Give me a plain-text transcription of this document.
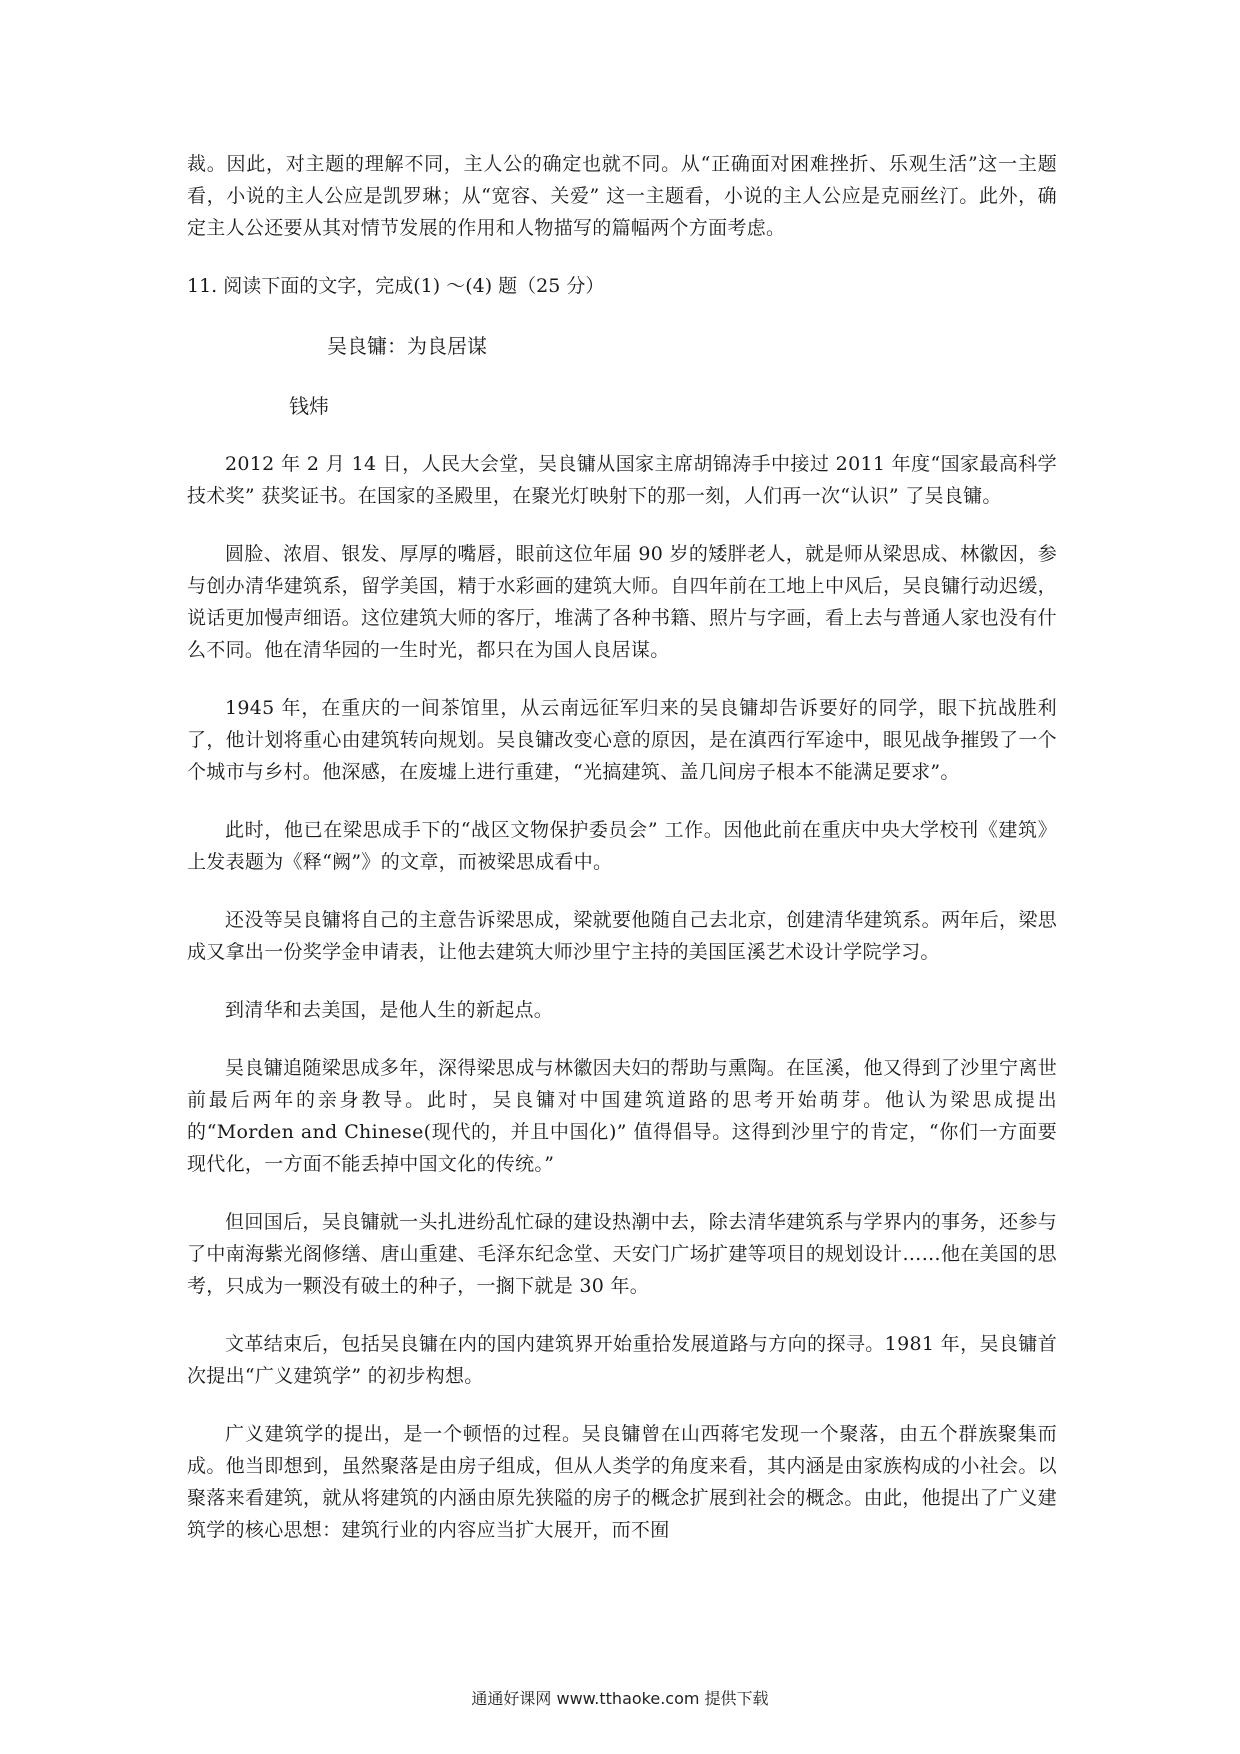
裁。因此，对主题的理解不同，主人公的确定也就不同。从“正确面对困难挫折、乐观生活”这一主题看，小说的主人公应是凯罗琳；从“宽容、关爱” 这一主题看，小说的主人公应是克丽丝汀。此外，确定主人公还要从其对情节发展的作用和人物描写的篇幅两个方面考虑。

11. 阅读下面的文字，完成(1) ～(4) 题（25 分）

吴良镛：为良居谋

钱炜

2012 年 2 月 14 日，人民大会堂，吴良镛从国家主席胡锦涛手中接过 2011 年度“国家最高科学技术奖” 获奖证书。在国家的圣殿里，在聚光灯映射下的那一刻，人们再一次“认识” 了吴良镛。

圆脸、浓眉、银发、厚厚的嘴唇，眼前这位年届 90 岁的矮胖老人，就是师从梁思成、林徽因，参与创办清华建筑系，留学美国，精于水彩画的建筑大师。自四年前在工地上中风后，吴良镛行动迟缓，说话更加慢声细语。这位建筑大师的客厅，堆满了各种书籍、照片与字画，看上去与普通人家也没有什么不同。他在清华园的一生时光，都只在为国人良居谋。

1945 年，在重庆的一间茶馆里，从云南远征军归来的吴良镛却告诉要好的同学，眼下抗战胜利了，他计划将重心由建筑转向规划。吴良镛改变心意的原因，是在滇西行军途中，眼见战争摧毁了一个个城市与乡村。他深感，在废墟上进行重建，“光搞建筑、盖几间房子根本不能满足要求”。

此时，他已在梁思成手下的“战区文物保护委员会” 工作。因他此前在重庆中央大学校刊《建筑》上发表题为《释“阙”》的文章，而被梁思成看中。

还没等吴良镛将自己的主意告诉梁思成，梁就要他随自己去北京，创建清华建筑系。两年后，梁思成又拿出一份奖学金申请表，让他去建筑大师沙里宁主持的美国匡溪艺术设计学院学习。

到清华和去美国，是他人生的新起点。

吴良镛追随梁思成多年，深得梁思成与林徽因夫妇的帮助与熏陶。在匡溪，他又得到了沙里宁离世前最后两年的亲身教导。此时，吴良镛对中国建筑道路的思考开始萌芽。他认为梁思成提出的“Morden and Chinese(现代的，并且中国化)” 值得倡导。这得到沙里宁的肯定，“你们一方面要现代化，一方面不能丢掉中国文化的传统。”

但回国后，吴良镛就一头扎进纷乱忙碌的建设热潮中去，除去清华建筑系与学界内的事务，还参与了中南海紫光阁修缮、唐山重建、毛泽东纪念堂、天安门广场扩建等项目的规划设计……他在美国的思考，只成为一颗没有破土的种子，一搁下就是 30 年。

文革结束后，包括吴良镛在内的国内建筑界开始重拾发展道路与方向的探寻。1981 年，吴良镛首次提出“广义建筑学” 的初步构想。

广义建筑学的提出，是一个顿悟的过程。吴良镛曾在山西蒋宅发现一个聚落，由五个群族聚集而成。他当即想到，虽然聚落是由房子组成，但从人类学的角度来看，其内涵是由家族构成的小社会。以聚落来看建筑，就从将建筑的内涵由原先狭隘的房子的概念扩展到社会的概念。由此，他提出了广义建筑学的核心思想：建筑行业的内容应当扩大展开，而不囿

通通好课网 www.tthaoke.com 提供下载
